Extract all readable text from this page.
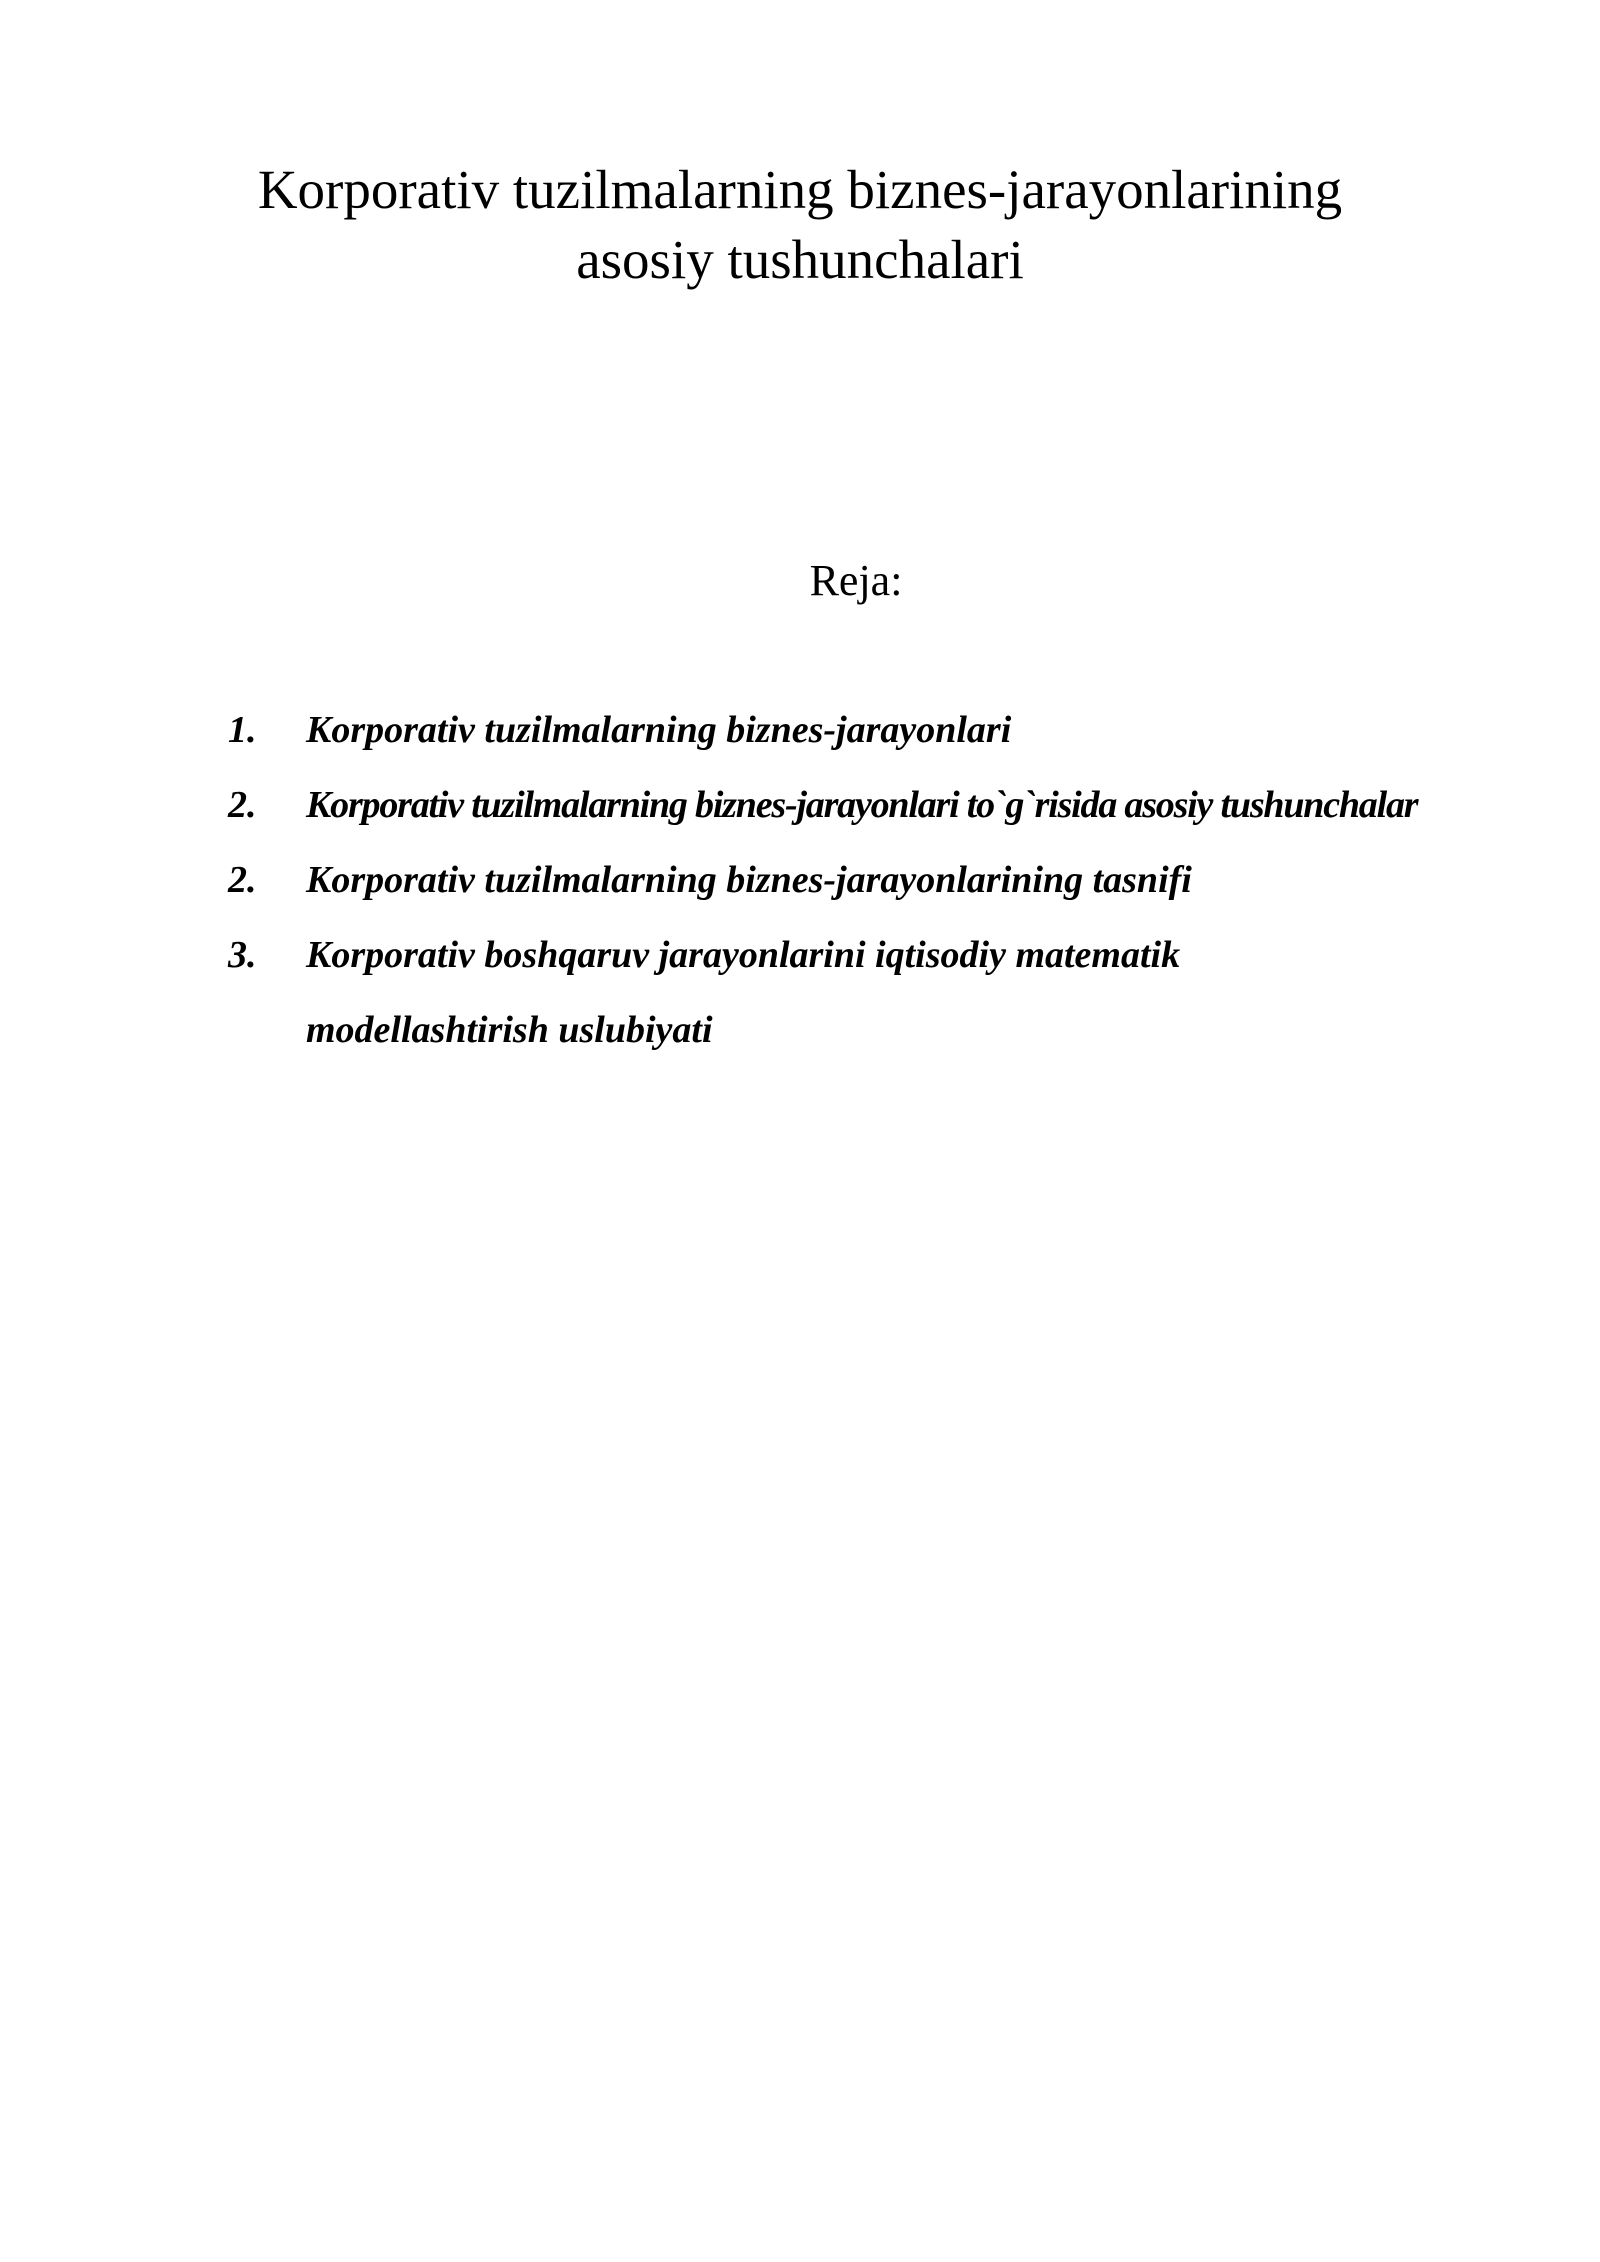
Korporativ tuzilmalarning biznes-jarayonlarining
asosiy tushunchalari
Reja:
1.	Korporativ tuzilmalarning biznes-jarayonlari
2.	Korporativ tuzilmalarning biznes-jarayonlari to`g`risida asosiy tushunchalar
2.	Korporativ tuzilmalarning biznes-jarayonlarining tasnifi
3.	Korporativ boshqaruv jarayonlarini iqtisodiy matematik modellashtirish uslubiyati
